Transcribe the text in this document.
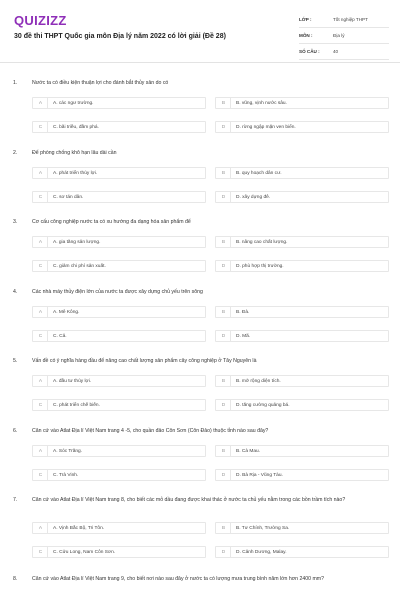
QUIZIZZ
30 đề thi THPT Quốc gia môn Địa lý năm 2022 có lời giải (Đề 28)
LỚP :	Tốt nghiệp THPT
MÔN :	Địa lý
SỐ CÂU :	40
1.	Nước ta có điều kiện thuận lợi cho đánh bắt thủy sản do có
A	A. các ngư trường.	B	B. vũng, vịnh nước sâu.
C	C. bãi triều, đầm phá.	D	D. rừng ngập mặn ven biển.
2.	Để phòng chống khô hạn lâu dài cần
A	A. phát triển thủy lợi.	B	B. quy hoạch dân cư.
C	C. sơ tán dân.	D	D. xây dựng đê.
3.	Cơ cấu công nghiệp nước ta có xu hướng đa dạng hóa sản phẩm để
A	A. gia tăng sản lượng.	B	B. nâng cao chất lượng.
C	C. giảm chi phí sản xuất.	D	D. phù hợp thị trường.
4.	Các nhà máy thủy điện lớn của nước ta được xây dựng chủ yếu trên sông
A	A. Mê Kông.	B	B. Đà.
C	C. Cả.	D	D. Mã.
5.	Vấn đề có ý nghĩa hàng đầu để nâng cao chất lượng sản phẩm cây công nghiệp ở Tây Nguyên là
A	A. đầu tư thủy lợi.	B	B. mở rộng diện tích.
C	C. phát triển chế biến.	D	D. tăng cường quảng bá.
6.	Căn cứ vào Atlat Địa lí Việt Nam trang 4 -5, cho quần đảo Côn Sơn (Côn Đảo) thuộc tỉnh nào sau đây?
A	A. Sóc Trăng.	B	B. Cà Mau.
C	C. Trà Vinh.	D	D. Bà Rịa - Vũng Tàu.
7.	Căn cứ vào Atlat Địa lí Việt Nam trang 8, cho biết các mỏ dầu đang được khai thác ở nước ta chủ yếu nằm trong các bồn trầm tích nào?
A	A. Vịnh Bắc Bộ, Tri Tôn.	B	B. Tư Chính, Trường Sa.
C	C. Cửu Long, Nam Côn Sơn.	D	D. Cảnh Dương, Malay.
8.	Căn cứ vào Atlat Địa lí Việt Nam trang 9, cho biết nơi nào sau đây ở nước ta có lượng mưa trung bình năm lớn hơn 2400 mm?
